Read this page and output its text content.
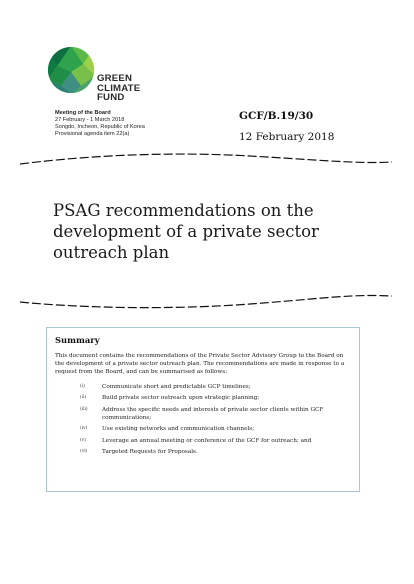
GREEN
CLIMATE
FUND
Meeting of the Board
27 February - 1 March 2018
Songdo, Incheon, Republic of Korea
Provisional agenda item 22(a)
GCF/B.19/30
12 February 2018
PSAG recommendations on the development of a private sector outreach plan
Summary

This document contains the recommendations of the Private Sector Advisory Group to the Board on the development of a private sector outreach plan. The recommendations are made in response to a request from the Board, and can be summarised as follows:

(i)	Communicate short and predictable GCP timelines;
(ii)	Build private sector outreach upon strategic planning;
(iii)	Address the specific needs and interests of private sector clients within GCF communications;
(iv)	Use existing networks and communication channels;
(v)	Leverage an annual meeting or conference of the GCF for outreach; and
(vi)	Targeted Requests for Proposals.
